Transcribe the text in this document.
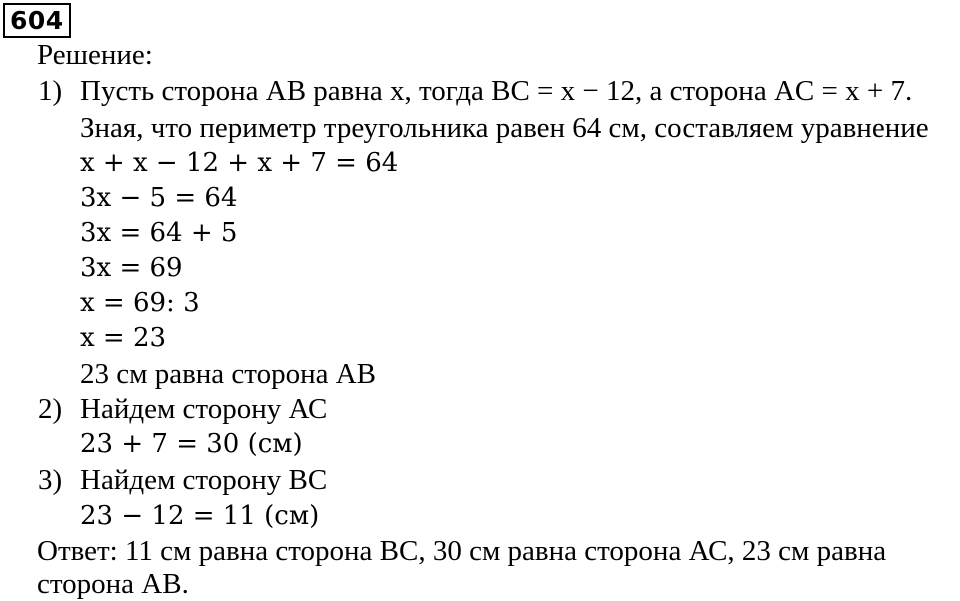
604
Решение:
1) Пусть сторона АВ равна x, тогда BC = x − 12, а сторона AC = x + 7.
Зная, что периметр треугольника равен 64 см, составляем уравнение
x + x − 12 + x + 7 = 64
3x − 5 = 64
3x = 64 + 5
3x = 69
x = 69: 3
x = 23
23 см равна сторона АВ
2) Найдем сторону АС
23 + 7 = 30 (см)
3) Найдем сторону ВС
23 − 12 = 11 (см)
Ответ: 11 см равна сторона ВС, 30 см равна сторона АС, 23 см равна
сторона АВ.
